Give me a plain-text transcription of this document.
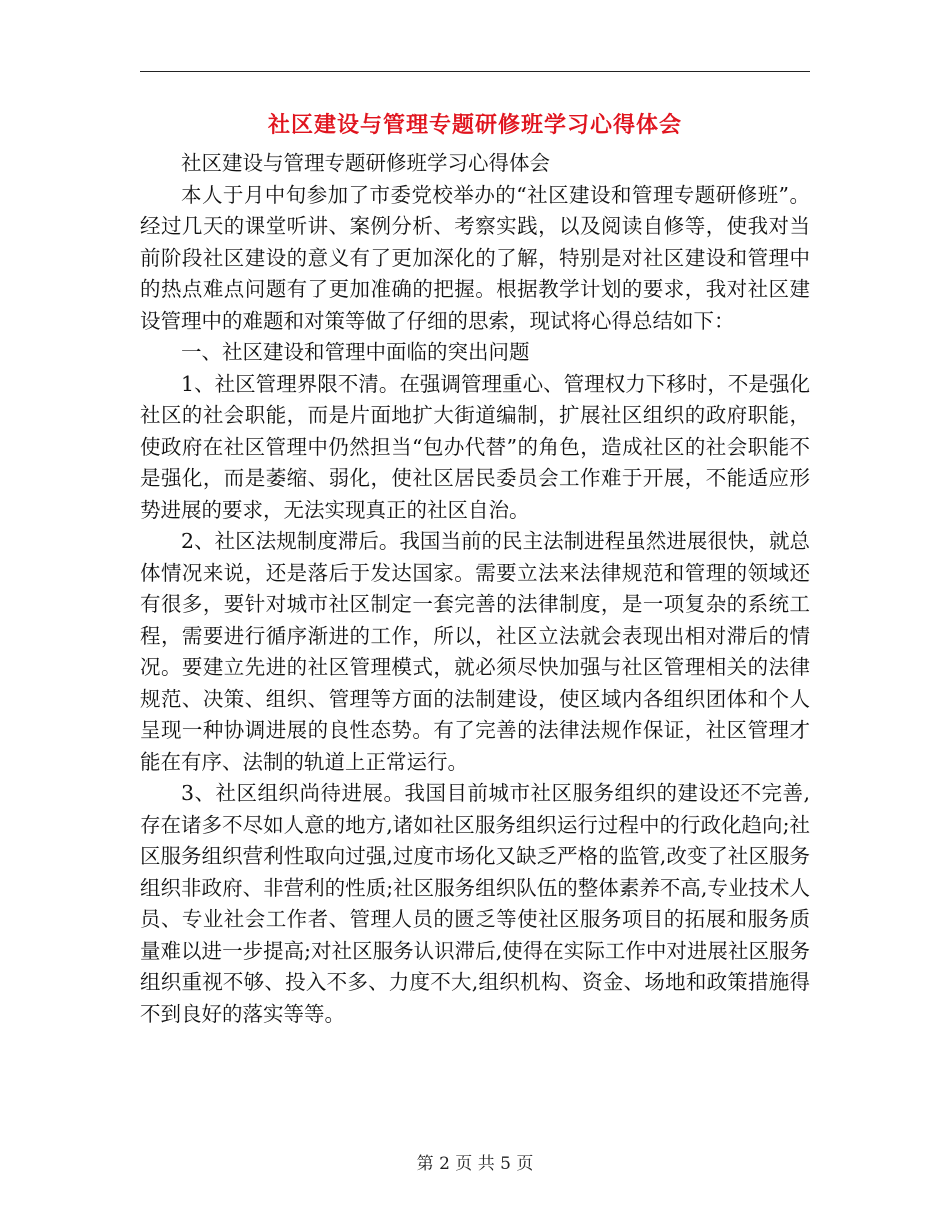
社区建设与管理专题研修班学习心得体会

社区建设与管理专题研修班学习心得体会

本人于月中旬参加了市委党校举办的“社区建设和管理专题研修班”。经过几天的课堂听讲、案例分析、考察实践，以及阅读自修等，使我对当前阶段社区建设的意义有了更加深化的了解，特别是对社区建设和管理中的热点难点问题有了更加准确的把握。根据教学计划的要求，我对社区建设管理中的难题和对策等做了仔细的思索，现试将心得总结如下：

一、社区建设和管理中面临的突出问题

1、社区管理界限不清。在强调管理重心、管理权力下移时，不是强化社区的社会职能，而是片面地扩大街道编制，扩展社区组织的政府职能，使政府在社区管理中仍然担当“包办代替”的角色，造成社区的社会职能不是强化，而是萎缩、弱化，使社区居民委员会工作难于开展，不能适应形势进展的要求，无法实现真正的社区自治。

2、社区法规制度滞后。我国当前的民主法制进程虽然进展很快，就总体情况来说，还是落后于发达国家。需要立法来法律规范和管理的领域还有很多，要针对城市社区制定一套完善的法律制度，是一项复杂的系统工程，需要进行循序渐进的工作，所以，社区立法就会表现出相对滞后的情况。要建立先进的社区管理模式，就必须尽快加强与社区管理相关的法律规范、决策、组织、管理等方面的法制建设，使区域内各组织团体和个人呈现一种协调进展的良性态势。有了完善的法律法规作保证，社区管理才能在有序、法制的轨道上正常运行。

3、社区组织尚待进展。我国目前城市社区服务组织的建设还不完善,存在诸多不尽如人意的地方,诸如社区服务组织运行过程中的行政化趋向;社区服务组织营利性取向过强,过度市场化又缺乏严格的监管,改变了社区服务组织非政府、非营利的性质;社区服务组织队伍的整体素养不高,专业技术人员、专业社会工作者、管理人员的匮乏等使社区服务项目的拓展和服务质量难以进一步提高;对社区服务认识滞后,使得在实际工作中对进展社区服务组织重视不够、投入不多、力度不大,组织机构、资金、场地和政策措施得不到良好的落实等等。

第 2 页 共 5 页
